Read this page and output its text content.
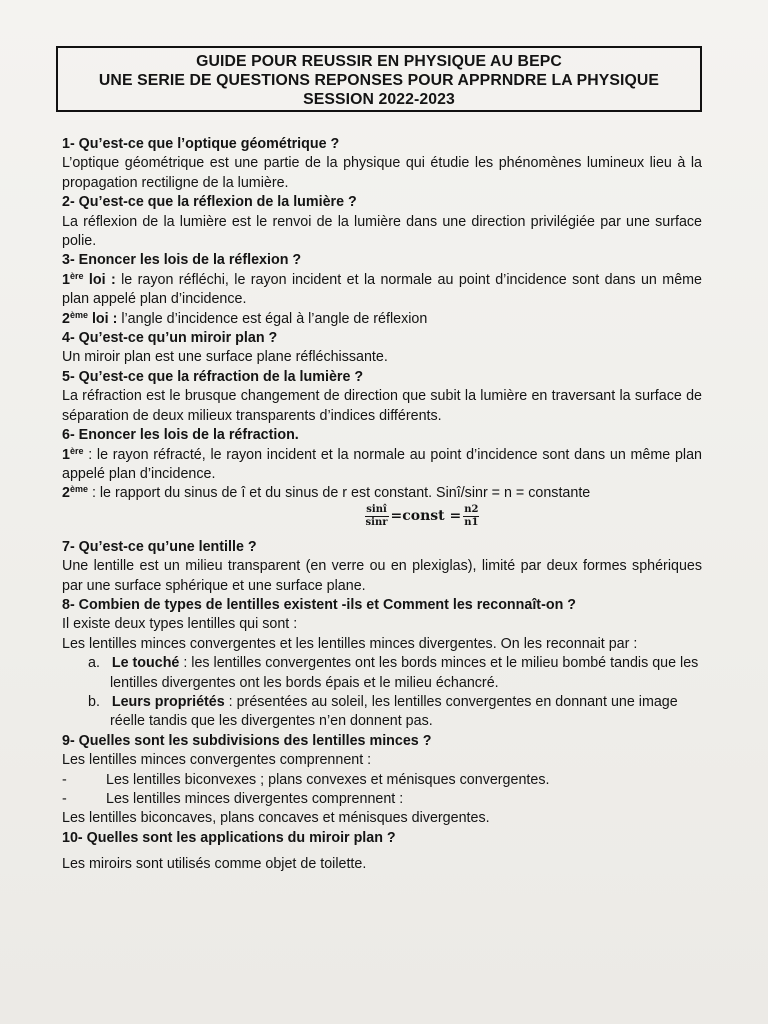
GUIDE POUR REUSSIR EN PHYSIQUE AU BEPC
UNE SERIE DE QUESTIONS REPONSES POUR APPRNDRE LA PHYSIQUE
SESSION 2022-2023
1- Qu’est-ce que l’optique géométrique ?
L’optique géométrique est une partie de la physique qui étudie les phénomènes lumineux lieu à la propagation rectiligne de la lumière.
2- Qu’est-ce que la réflexion de la lumière ?
La réflexion de la lumière est le renvoi de la lumière dans une direction privilégiée par une surface polie.
3- Enoncer les lois de la réflexion ?
1ère loi : le rayon réfléchi, le rayon incident et la normale au point d’incidence sont dans un même plan appelé plan d’incidence.
2ème loi : l’angle d’incidence est égal à l’angle de réflexion
4- Qu’est-ce qu’un miroir plan ?
Un miroir plan est une surface plane réfléchissante.
5- Qu’est-ce que la réfraction de la lumière ?
La réfraction est le brusque changement de direction que subit la lumière en traversant la surface de séparation de deux milieux transparents d’indices différents.
6- Enoncer les lois de la réfraction.
1ère : le rayon réfracté, le rayon incident et la normale au point d’incidence sont dans un même plan appelé plan d’incidence.
2ème : le rapport du sinus de î et du sinus de r est constant. Sinî/sinr = n = constante
$\frac{\sin î}{\sin r}$ =const = $\frac{n2}{n1}$
7- Qu’est-ce qu’une lentille ?
Une lentille est un milieu transparent (en verre ou en plexiglas), limité par deux formes sphériques par une surface sphérique et une surface plane.
8- Combien de types de lentilles existent -ils et Comment les reconnaît-on ?
Il existe deux types lentilles qui sont :
Les lentilles minces convergentes et les lentilles minces divergentes. On les reconnait par :
a. Le touché : les lentilles convergentes ont les bords minces et le milieu bombé tandis que les lentilles divergentes ont les bords épais et le milieu échancré.
b. Leurs propriétés : présentées au soleil, les lentilles convergentes en donnant une image réelle tandis que les divergentes n’en donnent pas.
9- Quelles sont les subdivisions des lentilles minces ?
Les lentilles minces convergentes comprennent :
-	Les lentilles biconvexes ; plans convexes et ménisques convergentes.
-	Les lentilles minces divergentes comprennent :
Les lentilles biconcaves, plans concaves et ménisques divergentes.
10- Quelles sont les applications du miroir plan ?
Les miroirs sont utilisés comme objet de toilette.
